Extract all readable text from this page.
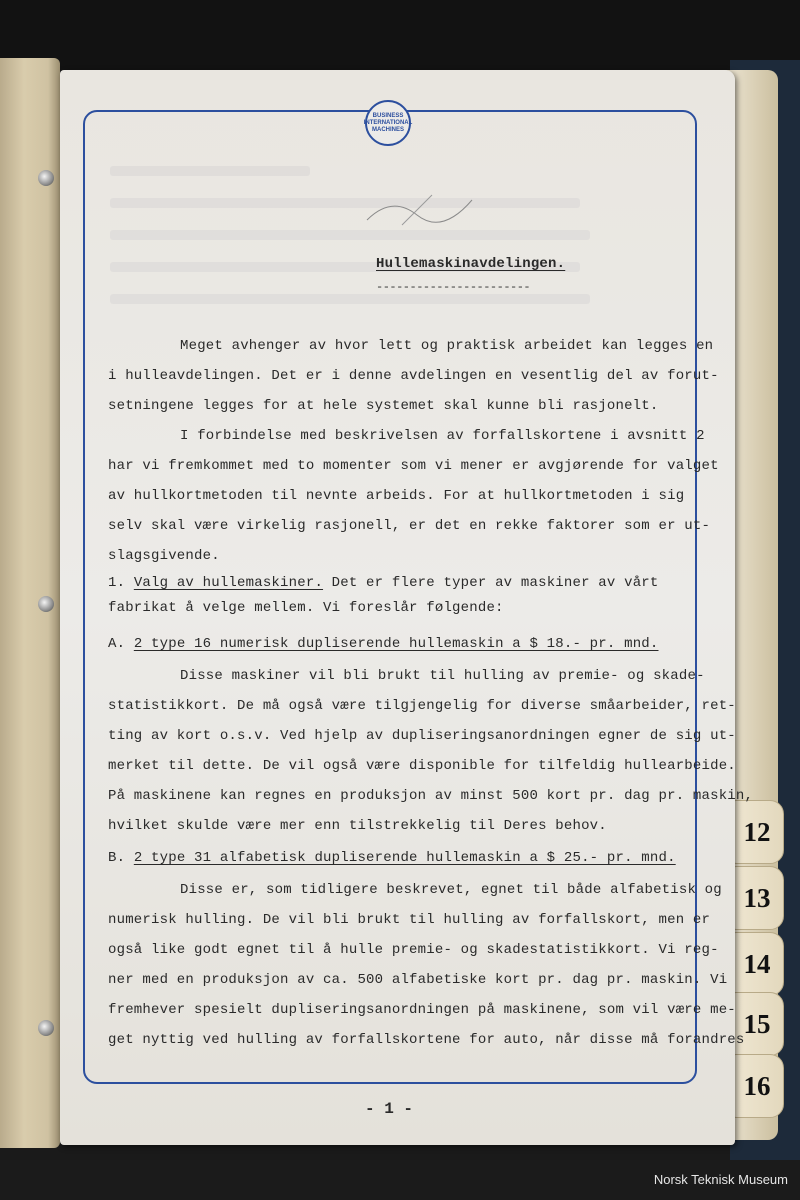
12
13
14
15
16
BUSINESS
INTERNATIONAL
MACHINES
Hullemaskinavdelingen.
-----------------------
Meget avhenger av hvor lett og praktisk arbeidet kan legges en
i hulleavdelingen. Det er i denne avdelingen en vesentlig del av forut-
setningene legges for at hele systemet skal kunne bli rasjonelt.
I forbindelse med beskrivelsen av forfallskortene i avsnitt 2
har vi fremkommet med to momenter som vi mener er avgjørende for valget
av hullkortmetoden til nevnte arbeids. For at hullkortmetoden i sig
selv skal være virkelig rasjonell, er det en rekke faktorer som er ut-
slagsgivende.
1. Valg av hullemaskiner. Det er flere typer av maskiner av vårt
fabrikat å velge mellem. Vi foreslår følgende:
A. 2 type 16 numerisk dupliserende hullemaskin a $ 18.- pr. mnd.
Disse maskiner vil bli brukt til hulling av premie- og skade-
statistikkort. De må også være tilgjengelig for diverse småarbeider, ret-
ting av kort o.s.v. Ved hjelp av dupliseringsanordningen egner de sig ut-
merket til dette. De vil også være disponible for tilfeldig hullearbeide.
På maskinene kan regnes en produksjon av minst 500 kort pr. dag pr. maskin,
hvilket skulde være mer enn tilstrekkelig til Deres behov.
B. 2 type 31 alfabetisk dupliserende hullemaskin a $ 25.- pr. mnd.
Disse er, som tidligere beskrevet, egnet til både alfabetisk og
numerisk hulling. De vil bli brukt til hulling av forfallskort, men er
også like godt egnet til å hulle premie- og skadestatistikkort. Vi reg-
ner med en produksjon av ca. 500 alfabetiske kort pr. dag pr. maskin. Vi
fremhever spesielt dupliseringsanordningen på maskinene, som vil være me-
get nyttig ved hulling av forfallskortene for auto, når disse må forandres
- 1 -
Norsk Teknisk Museum
